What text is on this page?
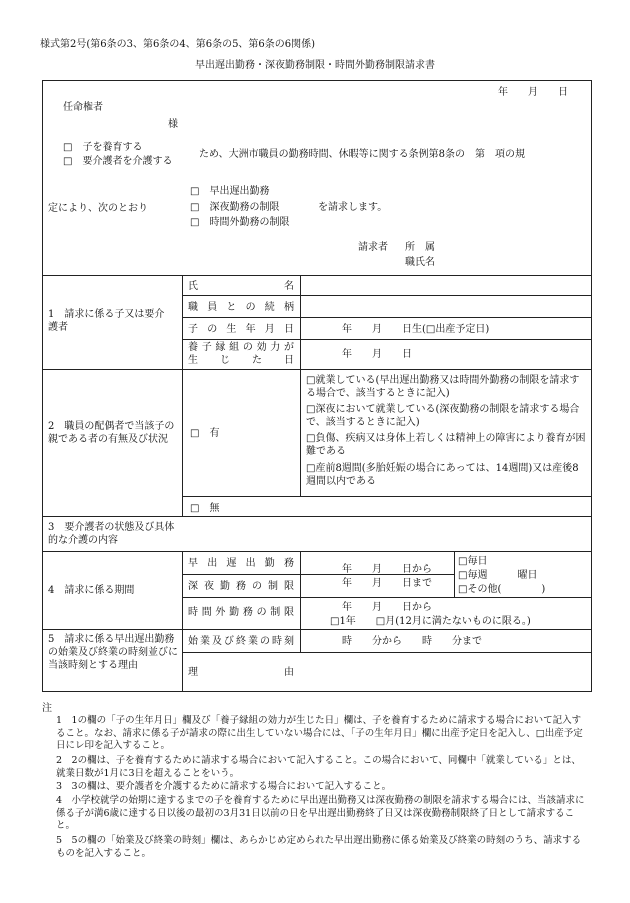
様式第2号(第6条の3、第6条の4、第6条の5、第6条の6関係)
早出遅出勤務・深夜勤務制限・時間外勤務制限請求書
年　　月　　日
任命権者
様
□　子を養育する
□　要介護者を介護する
ため、大洲市職員の勤務時間、休暇等に関する条例第8条の　第　項の規
定により、次のとおり
□　早出遅出勤務
□　深夜勤務の制限
□　時間外勤務の制限
を請求します。
請求者 所　属
職氏名
1　請求に係る子又は要介護者
氏　　　　　　名
職員との続柄
子の生年月日	年　　月　　日生(□出産予定日)
養子縁組の効力が
生　　じ　　た　　日
年　　月　　日
2　職員の配偶者で当該子の親である者の有無及び状況
□　有
□　無
□就業している(早出遅出勤務又は時間外勤務の制限を請求する場合で、該当するときに記入)
□深夜において就業している(深夜勤務の制限を請求する場合で、該当するときに記入)
□負傷、疾病又は身体上若しくは精神上の障害により養育が困難である
□産前8週間(多胎妊娠の場合にあっては、14週間)又は産後8週間以内である
3　要介護者の状態及び具体的な介護の内容
4　請求に係る期間
早出遅出勤務
深夜勤務の制限
時間外勤務の制限
年　　月　　日から
年　　月　　日まで
□毎日
□毎週　　　曜日
□その他(　　　　)
年　　月　　日から
□1年　　□月(12月に満たないものに限る。)
5　請求に係る早出遅出勤務の始業及び終業の時刻並びに当該時刻とする理由
始業及び終業の時刻	時　　分から　　時　　分まで
理　　　　　　由
注
1　1の欄の「子の生年月日」欄及び「養子縁組の効力が生じた日」欄は、子を養育するために請求する場合において記入すること。なお、請求に係る子が請求の際に出生していない場合には、「子の生年月日」欄に出産予定日を記入し、□出産予定日にレ印を記入すること。
2　2の欄は、子を養育するために請求する場合において記入すること。この場合において、同欄中「就業している」とは、就業日数が1月に3日を超えることをいう。
3　3の欄は、要介護者を介護するために請求する場合において記入すること。
4　小学校就学の始期に達するまでの子を養育するために早出遅出勤務又は深夜勤務の制限を請求する場合には、当該請求に係る子が満6歳に達する日以後の最初の3月31日以前の日を早出遅出勤務終了日又は深夜勤務制限終了日として請求すること。
5　5の欄の「始業及び終業の時刻」欄は、あらかじめ定められた早出遅出勤務に係る始業及び終業の時刻のうち、請求するものを記入すること。
